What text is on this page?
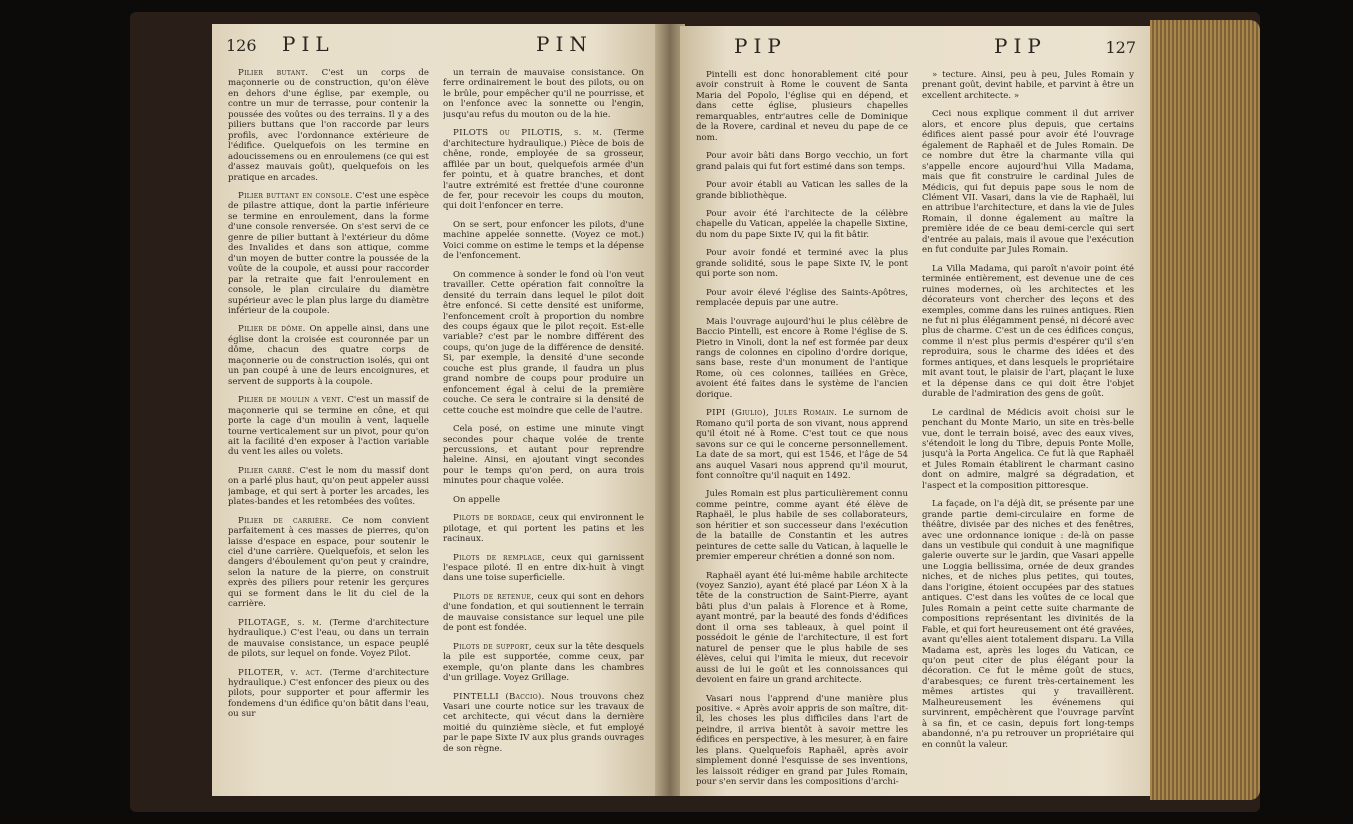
126 PIL	PIN

Pilier butant. C'est un corps de maçonnerie ou de construction, qu'on élève en dehors d'une église, par exemple, ou contre un mur de terrasse, pour contenir la poussée des voûtes ou des terrains. Il y a des piliers buttans que l'on raccorde par leurs profils, avec l'ordonnance extérieure de l'édifice. Quelquefois on les termine en adoucissemens ou en enroulemens (ce qui est d'assez mauvais goût), quelquefois on les pratique en arcades.

Pilier buttant en console. C'est une espèce de pilastre attique, dont la partie inférieure se termine en enroulement, dans la forme d'une console renversée. On s'est servi de ce genre de pilier buttant à l'extérieur du dôme des Invalides et dans son attique, comme d'un moyen de butter contre la poussée de la voûte de la coupole, et aussi pour raccorder par la retraite que fait l'enroulement en console, le plan circulaire du diamètre supérieur avec le plan plus large du diamètre inférieur de la coupole.

Pilier de dôme. On appelle ainsi, dans une église dont la croisée est couronnée par un dôme, chacun des quatre corps de maçonnerie ou de construction isolés, qui ont un pan coupé à une de leurs encoignures, et servent de supports à la coupole.

Pilier de moulin a vent. C'est un massif de maçonnerie qui se termine en cône, et qui porte la cage d'un moulin à vent, laquelle tourne verticalement sur un pivot, pour qu'on ait la facilité d'en exposer à l'action variable du vent les ailes ou volets.

Pilier carré. C'est le nom du massif dont on a parlé plus haut, qu'on peut appeler aussi jambage, et qui sert à porter les arcades, les plates-bandes et les retombées des voûtes.

Pilier de carrière. Ce nom convient parfaitement à ces masses de pierres, qu'on laisse d'espace en espace, pour soutenir le ciel d'une carrière. Quelquefois, et selon les dangers d'éboulement qu'on peut y craindre, selon la nature de la pierre, on construit exprès des piliers pour retenir les gerçures qui se forment dans le lit du ciel de la carrière.

PILOTAGE, s. m. (Terme d'architecture hydraulique.) C'est l'eau, ou dans un terrain de mauvaise consistance, un espace peuplé de pilots, sur lequel on fonde. Voyez Pilot.

PILOTER, v. act. (Terme d'architecture hydraulique.) C'est enfoncer des pieux ou des pilots, pour supporter et pour affermir les fondemens d'un édifice qu'on bâtit dans l'eau, ou sur

un terrain de mauvaise consistance. On ferre ordinairement le bout des pilots, ou on le brûle, pour empêcher qu'il ne pourrisse, et on l'enfonce avec la sonnette ou l'engin, jusqu'au refus du mouton ou de la hie.

PILOTS ou PILOTIS, s. m. (Terme d'architecture hydraulique.) Pièce de bois de chêne, ronde, employée de sa grosseur, affilée par un bout, quelquefois armée d'un fer pointu, et à quatre branches, et dont l'autre extrémité est frettée d'une couronne de fer, pour recevoir les coups du mouton, qui doit l'enfoncer en terre.

On se sert, pour enfoncer les pilots, d'une machine appelée sonnette. (Voyez ce mot.) Voici comme on estime le temps et la dépense de l'enfoncement.

On commence à sonder le fond où l'on veut travailler. Cette opération fait connoître la densité du terrain dans lequel le pilot doit être enfoncé. Si cette densité est uniforme, l'enfoncement croît à proportion du nombre des coups égaux que le pilot reçoit. Est-elle variable? c'est par le nombre différent des coups, qu'on juge de la différence de densité. Si, par exemple, la densité d'une seconde couche est plus grande, il faudra un plus grand nombre de coups pour produire un enfoncement égal à celui de la première couche. Ce sera le contraire si la densité de cette couche est moindre que celle de l'autre.

Cela posé, on estime une minute vingt secondes pour chaque volée de trente percussions, et autant pour reprendre haleine. Ainsi, en ajoutant vingt secondes pour le temps qu'on perd, on aura trois minutes pour chaque volée.

On appelle

Pilots de bordage, ceux qui environnent le pilotage, et qui portent les patins et les racinaux.

Pilots de remplage, ceux qui garnissent l'espace piloté. Il en entre dix-huit à vingt dans une toise superficielle.

Pilots de retenue, ceux qui sont en dehors d'une fondation, et qui soutiennent le terrain de mauvaise consistance sur lequel une pile de pont est fondée.

Pilots de support, ceux sur la tête desquels la pile est supportée, comme ceux, par exemple, qu'on plante dans les chambres d'un grillage. Voyez Grillage.

PINTELLI (Baccio). Nous trouvons chez Vasari une courte notice sur les travaux de cet architecte, qui vécut dans la dernière moitié du quinzième siècle, et fut employé par le pape Sixte IV aux plus grands ouvrages de son règne.

PIP	PIP	127

Pintelli est donc honorablement cité pour avoir construit à Rome le couvent de Santa Maria del Popolo, l'église qui en dépend, et dans cette église, plusieurs chapelles remarquables, entr'autres celle de Dominique de la Rovere, cardinal et neveu du pape de ce nom.

Pour avoir bâti dans Borgo vecchio, un fort grand palais qui fut fort estimé dans son temps.

Pour avoir établi au Vatican les salles de la grande bibliothèque.

Pour avoir été l'architecte de la célèbre chapelle du Vatican, appelée la chapelle Sixtine, du nom du pape Sixte IV, qui la fit bâtir.

Pour avoir fondé et terminé avec la plus grande solidité, sous le pape Sixte IV, le pont qui porte son nom.

Pour avoir élevé l'église des Saints-Apôtres, remplacée depuis par une autre.

Mais l'ouvrage aujourd'hui le plus célèbre de Baccio Pintelli, est encore à Rome l'église de S. Pietro in Vinoli, dont la nef est formée par deux rangs de colonnes en cipolino d'ordre dorique, sans base, reste d'un monument de l'antique Rome, où ces colonnes, taillées en Grèce, avoient été faites dans le système de l'ancien dorique.

PIPI (Giulio), Jules Romain. Le surnom de Romano qu'il porta de son vivant, nous apprend qu'il étoit né à Rome. C'est tout ce que nous savons sur ce qui le concerne personnellement. La date de sa mort, qui est 1546, et l'âge de 54 ans auquel Vasari nous apprend qu'il mourut, font connoître qu'il naquit en 1492.

Jules Romain est plus particulièrement connu comme peintre, comme ayant été élève de Raphaël, le plus habile de ses collaborateurs, son héritier et son successeur dans l'exécution de la bataille de Constantin et les autres peintures de cette salle du Vatican, à laquelle le premier empereur chrétien a donné son nom.

Raphaël ayant été lui-même habile architecte (voyez Sanzio), ayant été placé par Léon X à la tête de la construction de Saint-Pierre, ayant bâti plus d'un palais à Florence et à Rome, ayant montré, par la beauté des fonds d'édifices dont il orna ses tableaux, à quel point il possédoit le génie de l'architecture, il est fort naturel de penser que le plus habile de ses élèves, celui qui l'imita le mieux, dut recevoir aussi de lui le goût et les connoissances qui devoient en faire un grand architecte.

Vasari nous l'apprend d'une manière plus positive. « Après avoir appris de son maître, dit-il, les choses les plus difficiles dans l'art de peindre, il arriva bientôt à savoir mettre les édifices en perspective, à les mesurer, à en faire les plans. Quelquefois Raphaël, après avoir simplement donné l'esquisse de ses inventions, les laissoit rédiger en grand par Jules Romain, pour s'en servir dans les compositions d'archi-

» tecture. Ainsi, peu à peu, Jules Romain y prenant goût, devint habile, et parvint à être un excellent architecte. »

Ceci nous explique comment il dut arriver alors, et encore plus depuis, que certains édifices aient passé pour avoir été l'ouvrage également de Raphaël et de Jules Romain. De ce nombre dut être la charmante villa qui s'appelle encore aujourd'hui Villa Madama, mais que fit construire le cardinal Jules de Médicis, qui fut depuis pape sous le nom de Clément VII. Vasari, dans la vie de Raphaël, lui en attribue l'architecture, et dans la vie de Jules Romain, il donne également au maître la première idée de ce beau demi-cercle qui sert d'entrée au palais, mais il avoue que l'exécution en fut conduite par Jules Romain.

La Villa Madama, qui paroît n'avoir point été terminée entièrement, est devenue une de ces ruines modernes, où les architectes et les décorateurs vont chercher des leçons et des exemples, comme dans les ruines antiques. Rien ne fut ni plus élégamment pensé, ni décoré avec plus de charme. C'est un de ces édifices conçus, comme il n'est plus permis d'espérer qu'il s'en reproduira, sous le charme des idées et des formes antiques, et dans lesquels le propriétaire mit avant tout, le plaisir de l'art, plaçant le luxe et la dépense dans ce qui doit être l'objet durable de l'admiration des gens de goût.

Le cardinal de Médicis avoit choisi sur le penchant du Monte Mario, un site en très-belle vue, dont le terrain boisé, avec des eaux vives, s'étendoit le long du Tibre, depuis Ponte Molle, jusqu'à la Porta Angelica. Ce fut là que Raphaël et Jules Romain établirent le charmant casino dont on admire, malgré sa dégradation, et l'aspect et la composition pittoresque.

La façade, on l'a déjà dit, se présente par une grande partie demi-circulaire en forme de théâtre, divisée par des niches et des fenêtres, avec une ordonnance ionique : de-là on passe dans un vestibule qui conduit à une magnifique galerie ouverte sur le jardin, que Vasari appelle une Loggia bellissima, ornée de deux grandes niches, et de niches plus petites, qui toutes, dans l'origine, étoient occupées par des statues antiques. C'est dans les voûtes de ce local que Jules Romain a peint cette suite charmante de compositions représentant les divinités de la Fable, et qui fort heureusement ont été gravées, avant qu'elles aient totalement disparu. La Villa Madama est, après les loges du Vatican, ce qu'on peut citer de plus élégant pour la décoration. Ce fut le même goût de stucs, d'arabesques; ce furent très-certainement les mêmes artistes qui y travaillèrent. Malheureusement les événemens qui survinrent, empêchèrent que l'ouvrage parvînt à sa fin, et ce casin, depuis fort long-temps abandonné, n'a pu retrouver un propriétaire qui en connût la valeur.
